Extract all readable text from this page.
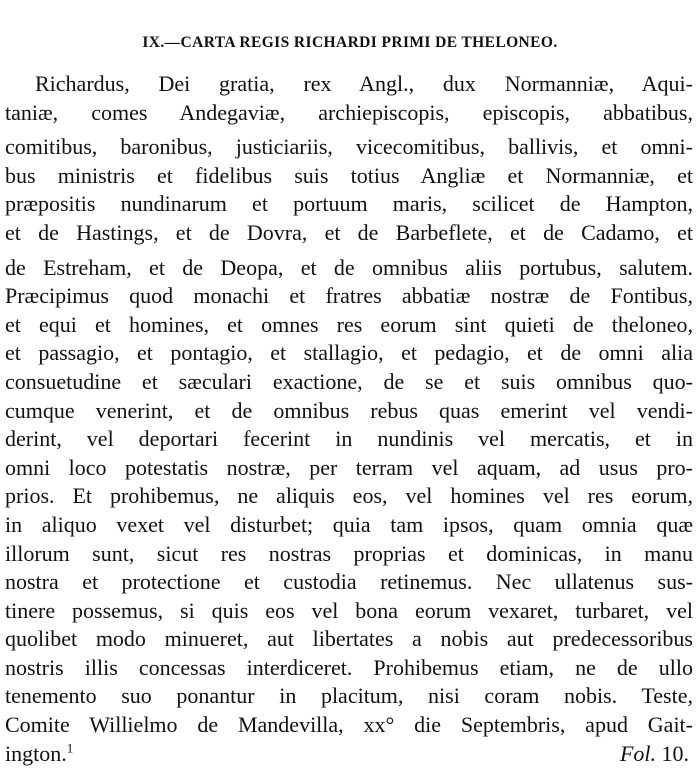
IX.—CARTA REGIS RICHARDI PRIMI DE THELONEO.
Richardus, Dei gratia, rex Angl., dux Normanniæ, Aqui-
taniæ, comes Andegaviæ, archiepiscopis, episcopis, abbatibus,
comitibus, baronibus, justiciariis, vicecomitibus, ballivis, et omni-
bus ministris et fidelibus suis totius Angliæ et Normanniæ, et
præpositis nundinarum et portuum maris, scilicet de Hampton,
et de Hastings, et de Dovra, et de Barbeflete, et de Cadamo, et
de Estreham, et de Deopa, et de omnibus aliis portubus, salutem.
Præcipimus quod monachi et fratres abbatiæ nostræ de Fontibus,
et equi et homines, et omnes res eorum sint quieti de theloneo,
et passagio, et pontagio, et stallagio, et pedagio, et de omni alia
consuetudine et sæculari exactione, de se et suis omnibus quo-
cumque venerint, et de omnibus rebus quas emerint vel vendi-
derint, vel deportari fecerint in nundinis vel mercatis, et in
omni loco potestatis nostræ, per terram vel aquam, ad usus pro-
prios. Et prohibemus, ne aliquis eos, vel homines vel res eorum,
in aliquo vexet vel disturbet; quia tam ipsos, quam omnia quæ
illorum sunt, sicut res nostras proprias et dominicas, in manu
nostra et protectione et custodia retinemus. Nec ullatenus sus-
tinere possemus, si quis eos vel bona eorum vexaret, turbaret, vel
quolibet modo minueret, aut libertates a nobis aut predecessoribus
nostris illis concessas interdiceret. Prohibemus etiam, ne de ullo
tenemento suo ponantur in placitum, nisi coram nobis. Teste,
Comite Willielmo de Mandevilla, xx° die Septembris, apud Gait-
ington.$^1$	Fol. 10.
